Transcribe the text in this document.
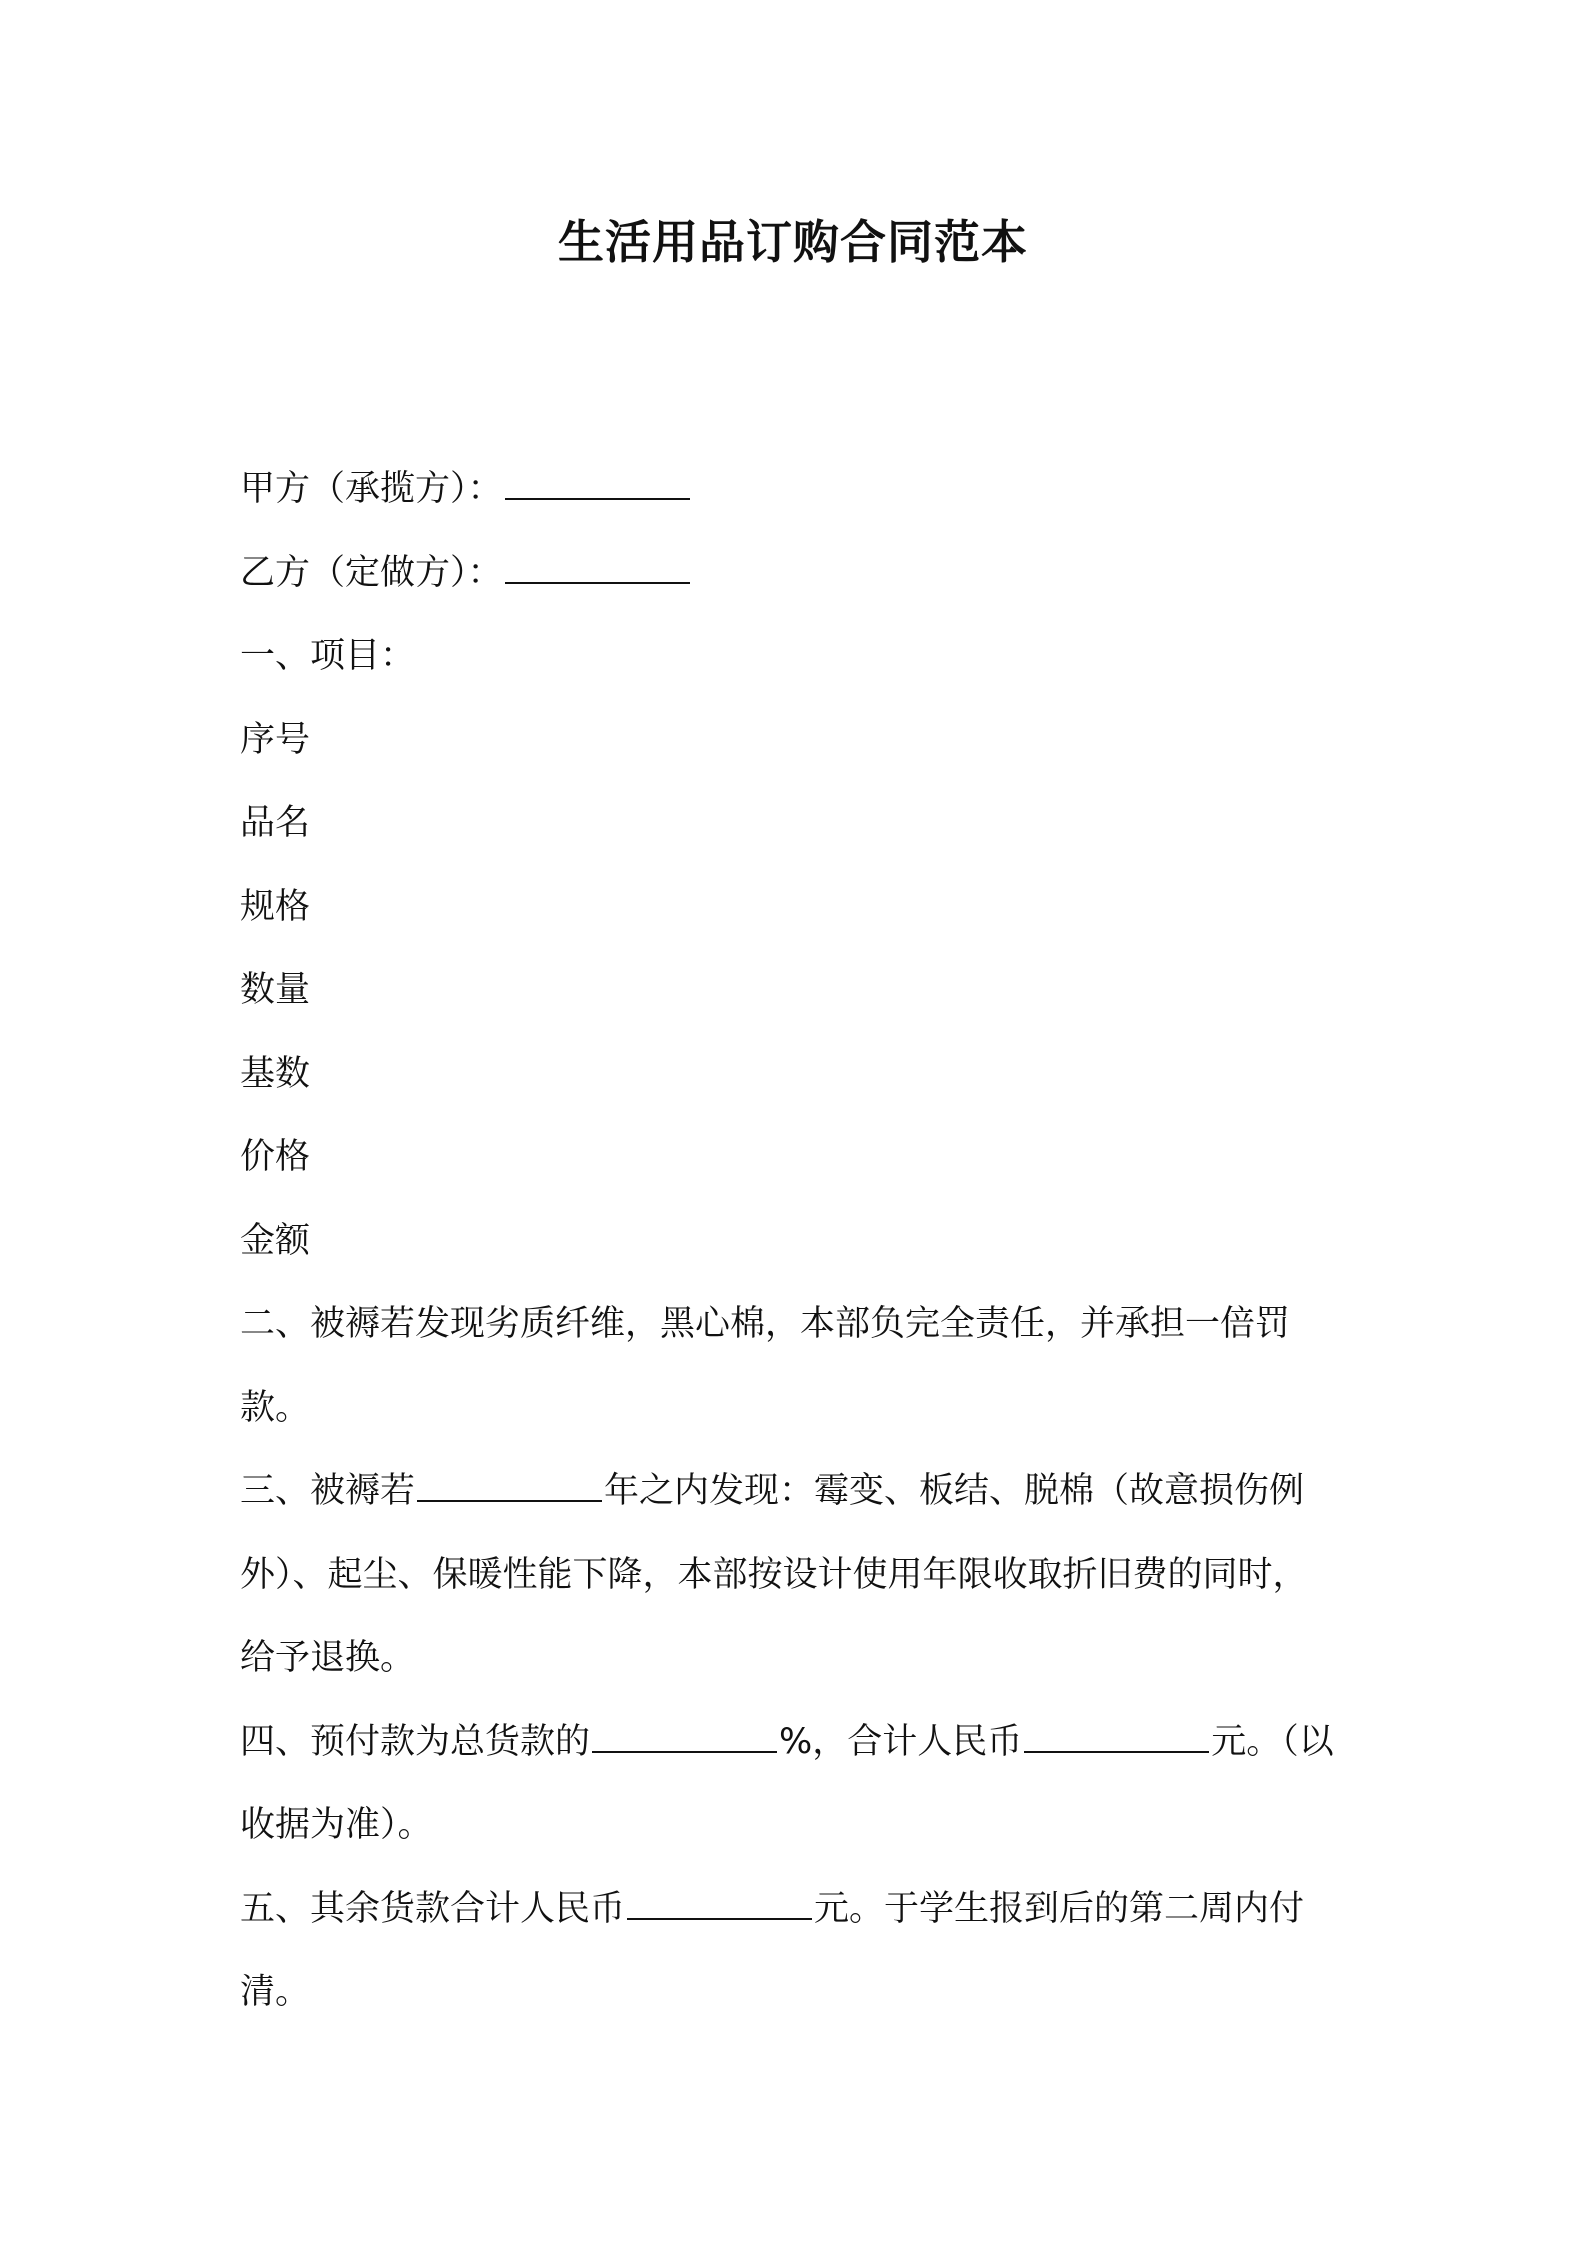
生活用品订购合同范本
甲方（承揽方）：
乙方（定做方）：
一、项目：
序号
品名
规格
数量
基数
价格
金额
二、被褥若发现劣质纤维，黑心棉，本部负完全责任，并承担一倍罚
款。
三、被褥若	年之内发现：霉变、板结、脱棉（故意损伤例
外）、起尘、保暖性能下降，本部按设计使用年限收取折旧费的同时，
给予退换。
四、预付款为总货款的	%，合计人民币	元。（以
收据为准）。
五、其余货款合计人民币	元。于学生报到后的第二周内付
清。
